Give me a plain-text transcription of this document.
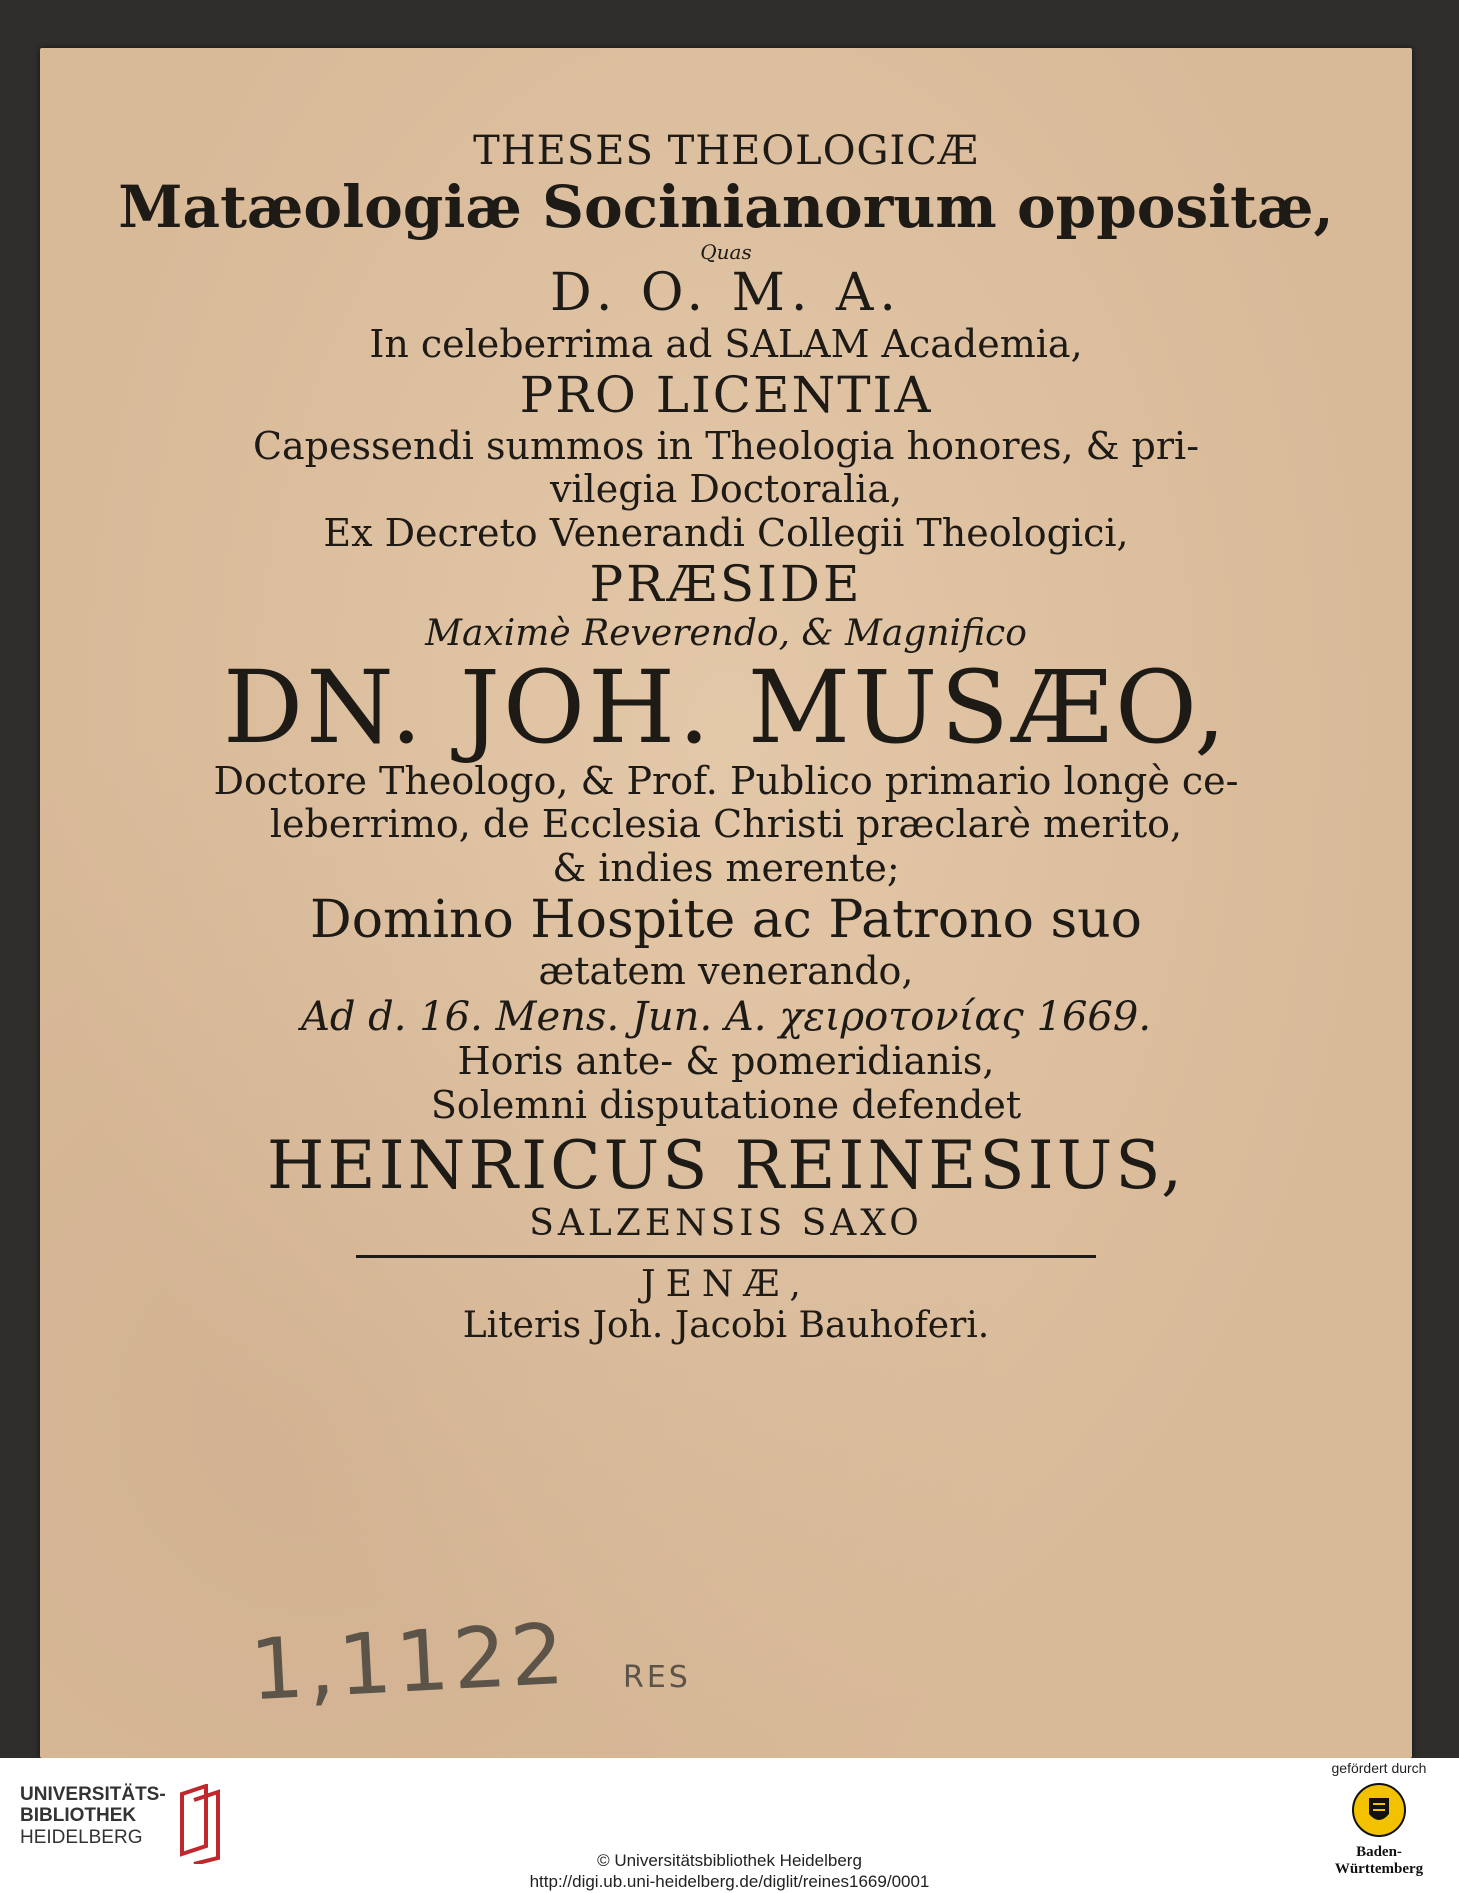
THESES THEOLOGICÆ
Matæologiæ Socinianorum oppositæ,
Quas
D. O. M. A.
In celeberrima ad SALAM Academia,
PRO LICENTIA
Capessendi summos in Theologia honores, & pri-
vilegia Doctoralia,
Ex Decreto Venerandi Collegii Theologici,
PRÆSIDE
Maximè Reverendo, & Magnifico
DN. JOH. MUSÆO,
Doctore Theologo, & Prof. Publico primario longè ce-
leberrimo, de Ecclesia Christi præclarè merito,
& indies merente;
Domino Hospite ac Patrono suo
ætatem venerando,
Ad d. 16. Mens. Jun. A. χειροτονίας 1669.
Horis ante- & pomeridianis,
Solemni disputatione defendet
HEINRICUS REINESIUS,
SALZENSIS SAXO
JENÆ,
Literis Joh. Jacobi Bauhoferi.
1,1122 RES
UNIVERSITÄTS-
BIBLIOTHEK
HEIDELBERG
© Universitätsbibliothek Heidelberg
http://digi.ub.uni-heidelberg.de/diglit/reines1669/0001
gefördert durch
Baden-Württemberg
